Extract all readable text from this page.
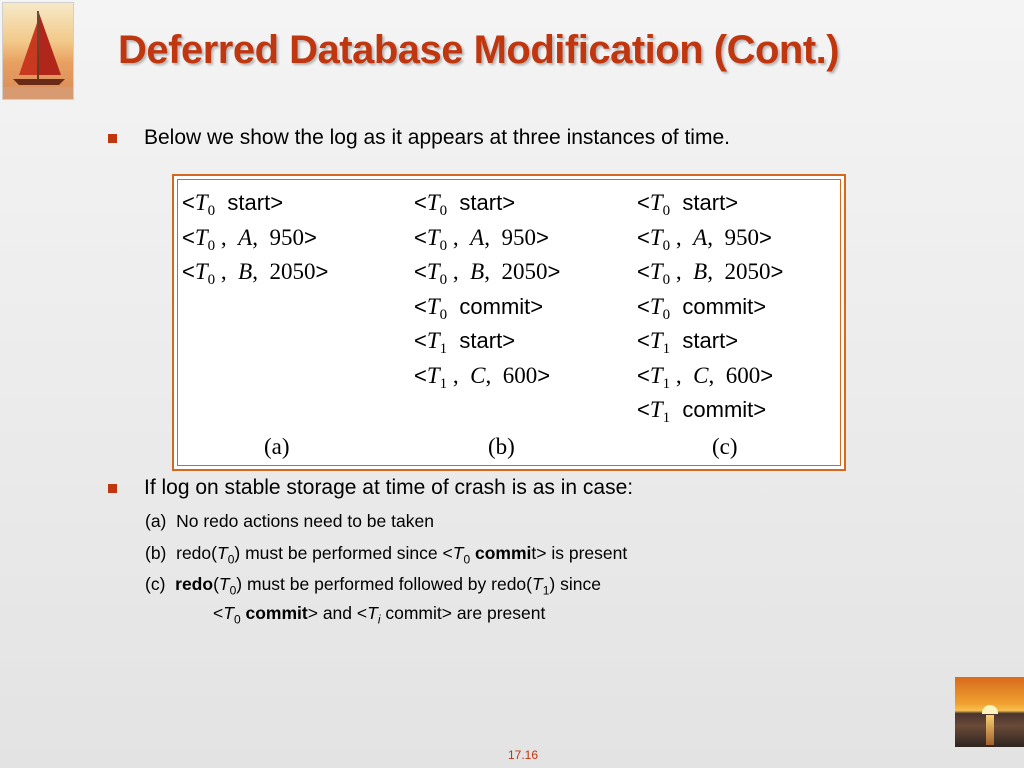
Deferred Database Modification (Cont.)
Below we show the log as it appears at three instances of time.
$<T_0$ start>
$<T_0$ ,  A,  950>
$<T_0$ ,  B,  2050>
$<T_0$ start>
$<T_0$ ,  A,  950>
$<T_0$ ,  B,  2050>
$<T_0$ commit>
$<T_1$ start>
$<T_1$ ,  C,  600>
$<T_0$ start>
$<T_0$ ,  A,  950>
$<T_0$ ,  B,  2050>
$<T_0$ commit>
$<T_1$ start>
$<T_1$ ,  C,  600>
$<T_1$ commit>
(a)	(b)	(c)
If log on stable storage at time of crash is as in case:
(a) No redo actions need to be taken
(b) $redo(T_0)$ must be performed since $<T_0$ commit> is present
(c) $redo(T_0)$ must be performed followed by $redo(T_1)$ since
$<T_0$ commit> and $<T_i$ commit> are present
17.16
